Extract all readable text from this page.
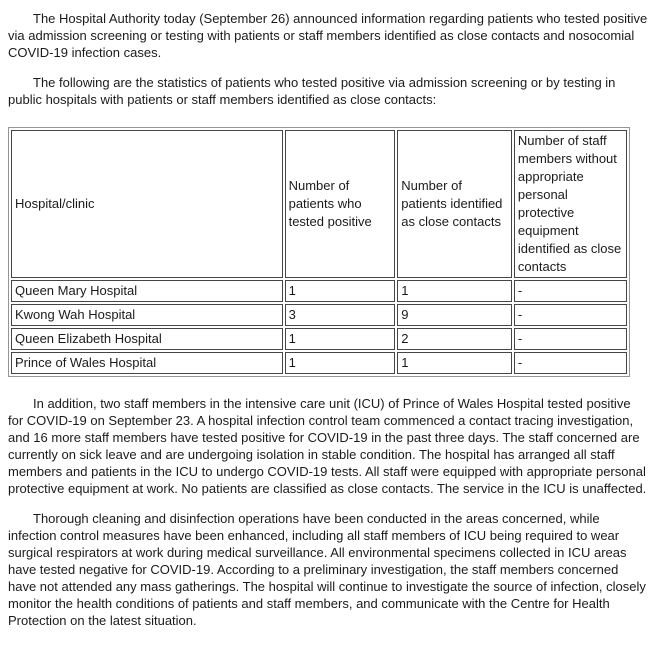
The Hospital Authority today (September 26) announced information regarding patients who tested positive via admission screening or testing with patients or staff members identified as close contacts and nosocomial COVID-19 infection cases.

The following are the statistics of patients who tested positive via admission screening or by testing in public hospitals with patients or staff members identified as close contacts:

Hospital/clinic	Number of patients who tested positive	Number of patients identified as close contacts	Number of staff members without appropriate personal protective equipment identified as close contacts
Queen Mary Hospital	1	1	-
Kwong Wah Hospital	3	9	-
Queen Elizabeth Hospital	1	2	-
Prince of Wales Hospital	1	1	-

In addition, two staff members in the intensive care unit (ICU) of Prince of Wales Hospital tested positive for COVID-19 on September 23. A hospital infection control team commenced a contact tracing investigation, and 16 more staff members have tested positive for COVID-19 in the past three days. The staff concerned are currently on sick leave and are undergoing isolation in stable condition. The hospital has arranged all staff members and patients in the ICU to undergo COVID-19 tests. All staff were equipped with appropriate personal protective equipment at work. No patients are classified as close contacts. The service in the ICU is unaffected.

Thorough cleaning and disinfection operations have been conducted in the areas concerned, while infection control measures have been enhanced, including all staff members of ICU being required to wear surgical respirators at work during medical surveillance. All environmental specimens collected in ICU areas have tested negative for COVID-19. According to a preliminary investigation, the staff members concerned have not attended any mass gatherings. The hospital will continue to investigate the source of infection, closely monitor the health conditions of patients and staff members, and communicate with the Centre for Health Protection on the latest situation.
